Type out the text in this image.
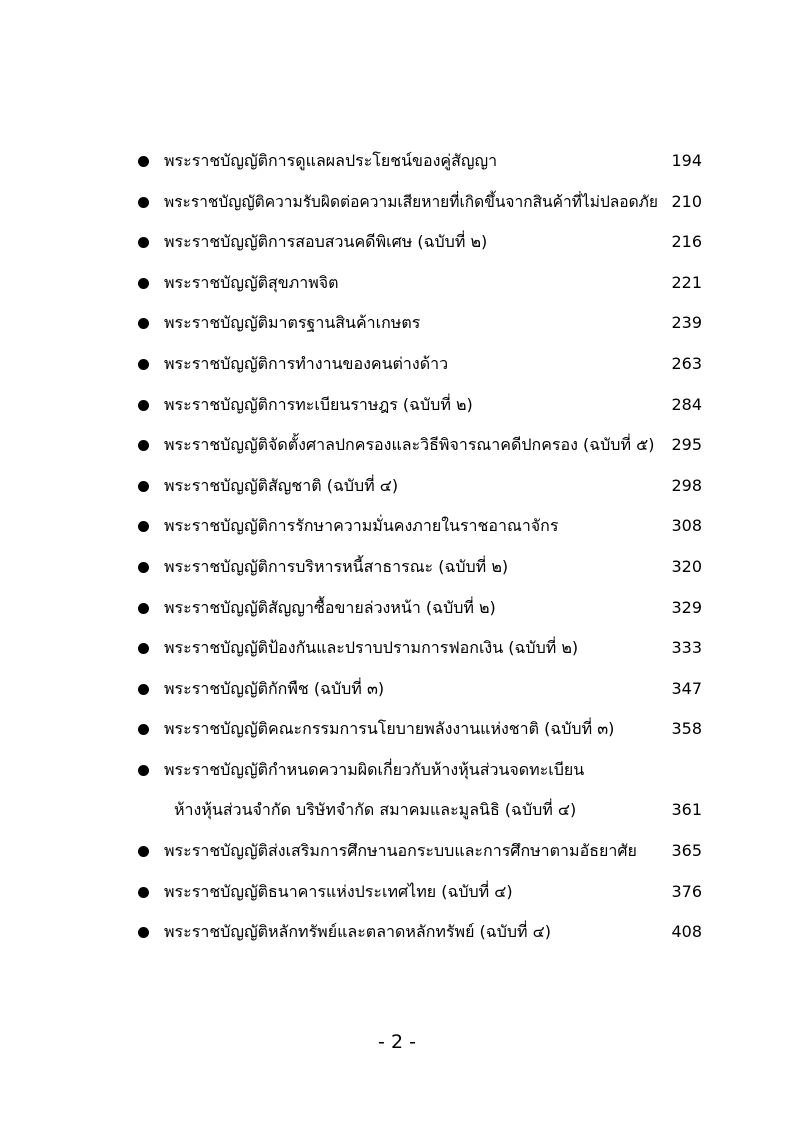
พระราชบัญญัติการดูแลผลประโยชน์ของคู่สัญญา	194
พระราชบัญญัติความรับผิดต่อความเสียหายที่เกิดขึ้นจากสินค้าที่ไม่ปลอดภัย 210
พระราชบัญญัติการสอบสวนคดีพิเศษ (ฉบับที่ ๒)	216
พระราชบัญญัติสุขภาพจิต	221
พระราชบัญญัติมาตรฐานสินค้าเกษตร	239
พระราชบัญญัติการทำงานของคนต่างด้าว	263
พระราชบัญญัติการทะเบียนราษฎร (ฉบับที่ ๒)	284
พระราชบัญญัติจัดตั้งศาลปกครองและวิธีพิจารณาคดีปกครอง (ฉบับที่ ๕) 295
พระราชบัญญัติสัญชาติ (ฉบับที่ ๔)	298
พระราชบัญญัติการรักษาความมั่นคงภายในราชอาณาจักร	308
พระราชบัญญัติการบริหารหนี้สาธารณะ (ฉบับที่ ๒)	320
พระราชบัญญัติสัญญาซื้อขายล่วงหน้า (ฉบับที่ ๒)	329
พระราชบัญญัติป้องกันและปราบปรามการฟอกเงิน (ฉบับที่ ๒)	333
พระราชบัญญัติกักพืช (ฉบับที่ ๓)	347
พระราชบัญญัติคณะกรรมการนโยบายพลังงานแห่งชาติ (ฉบับที่ ๓)	358
พระราชบัญญัติกำหนดความผิดเกี่ยวกับห้างหุ้นส่วนจดทะเบียน
ห้างหุ้นส่วนจำกัด บริษัทจำกัด สมาคมและมูลนิธิ (ฉบับที่ ๔)	361
พระราชบัญญัติส่งเสริมการศึกษานอกระบบและการศึกษาตามอัธยาศัย 365
พระราชบัญญัติธนาคารแห่งประเทศไทย (ฉบับที่ ๔)	376
พระราชบัญญัติหลักทรัพย์และตลาดหลักทรัพย์ (ฉบับที่ ๔)	408
- 2 -
